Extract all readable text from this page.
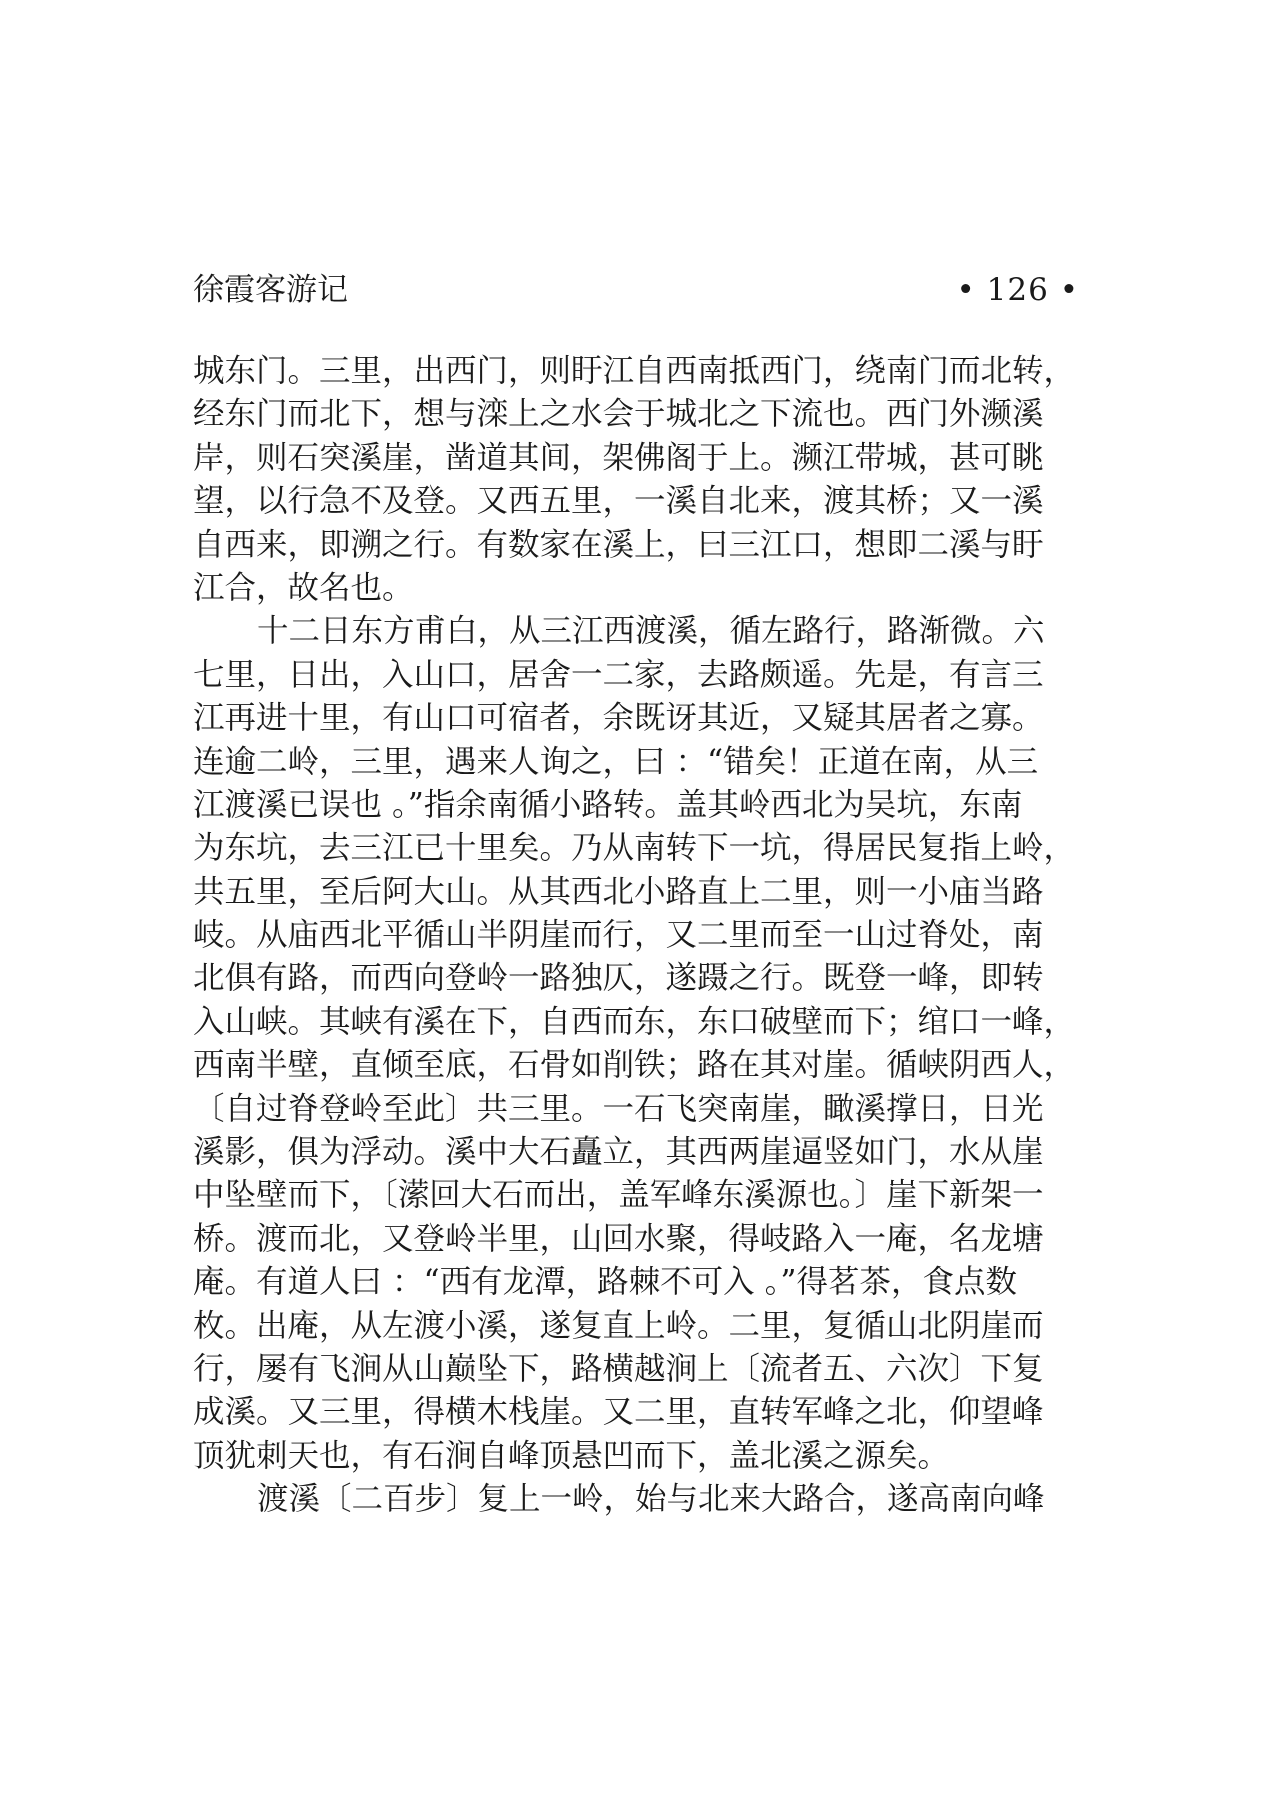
徐霞客游记	• 126 •
城东门。三里，出西门，则盱江自西南抵西门，绕南门而北转，
经东门而北下，想与滦上之水会于城北之下流也。西门外濒溪
岸，则石突溪崖，凿道其间，架佛阁于上。濒江带城，甚可眺
望，以行急不及登。又西五里，一溪自北来，渡其桥；又一溪
自西来，即溯之行。有数家在溪上，曰三江口，想即二溪与盱
江合，故名也。
十二日东方甫白，从三江西渡溪，循左路行，路渐微。六
七里，日出，入山口，居舍一二家，去路颇遥。先是，有言三
江再进十里，有山口可宿者，余既讶其近，又疑其居者之寡。
连逾二岭，三里，遇来人询之，曰 ：“错矣！正道在南，从三
江渡溪已误也 。”指余南循小路转。盖其岭西北为吴坑，东南
为东坑，去三江已十里矣。乃从南转下一坑，得居民复指上岭，
共五里，至后阿大山。从其西北小路直上二里，则一小庙当路
岐。从庙西北平循山半阴崖而行，又二里而至一山过脊处，南
北俱有路，而西向登岭一路独仄，遂蹑之行。既登一峰，即转
入山峡。其峡有溪在下，自西而东，东口破壁而下；绾口一峰，
西南半壁，直倾至底，石骨如削铁；路在其对崖。循峡阴西人，
〔自过脊登岭至此〕共三里。一石飞突南崖，瞰溪撑日，日光
溪影，俱为浮动。溪中大石矗立，其西两崖逼竖如门，水从崖
中坠壁而下，〔潆回大石而出，盖军峰东溪源也。〕崖下新架一
桥。渡而北，又登岭半里，山回水聚，得岐路入一庵，名龙塘
庵。有道人曰 ：“西有龙潭，路棘不可入 。”得茗茶，食点数
枚。出庵，从左渡小溪，遂复直上岭。二里，复循山北阴崖而
行，屡有飞涧从山巅坠下，路横越涧上〔流者五、六次〕下复
成溪。又三里，得横木栈崖。又二里，直转军峰之北，仰望峰
顶犹刺天也，有石涧自峰顶悬凹而下，盖北溪之源矣。
渡溪〔二百步〕复上一岭，始与北来大路合，遂高南向峰
